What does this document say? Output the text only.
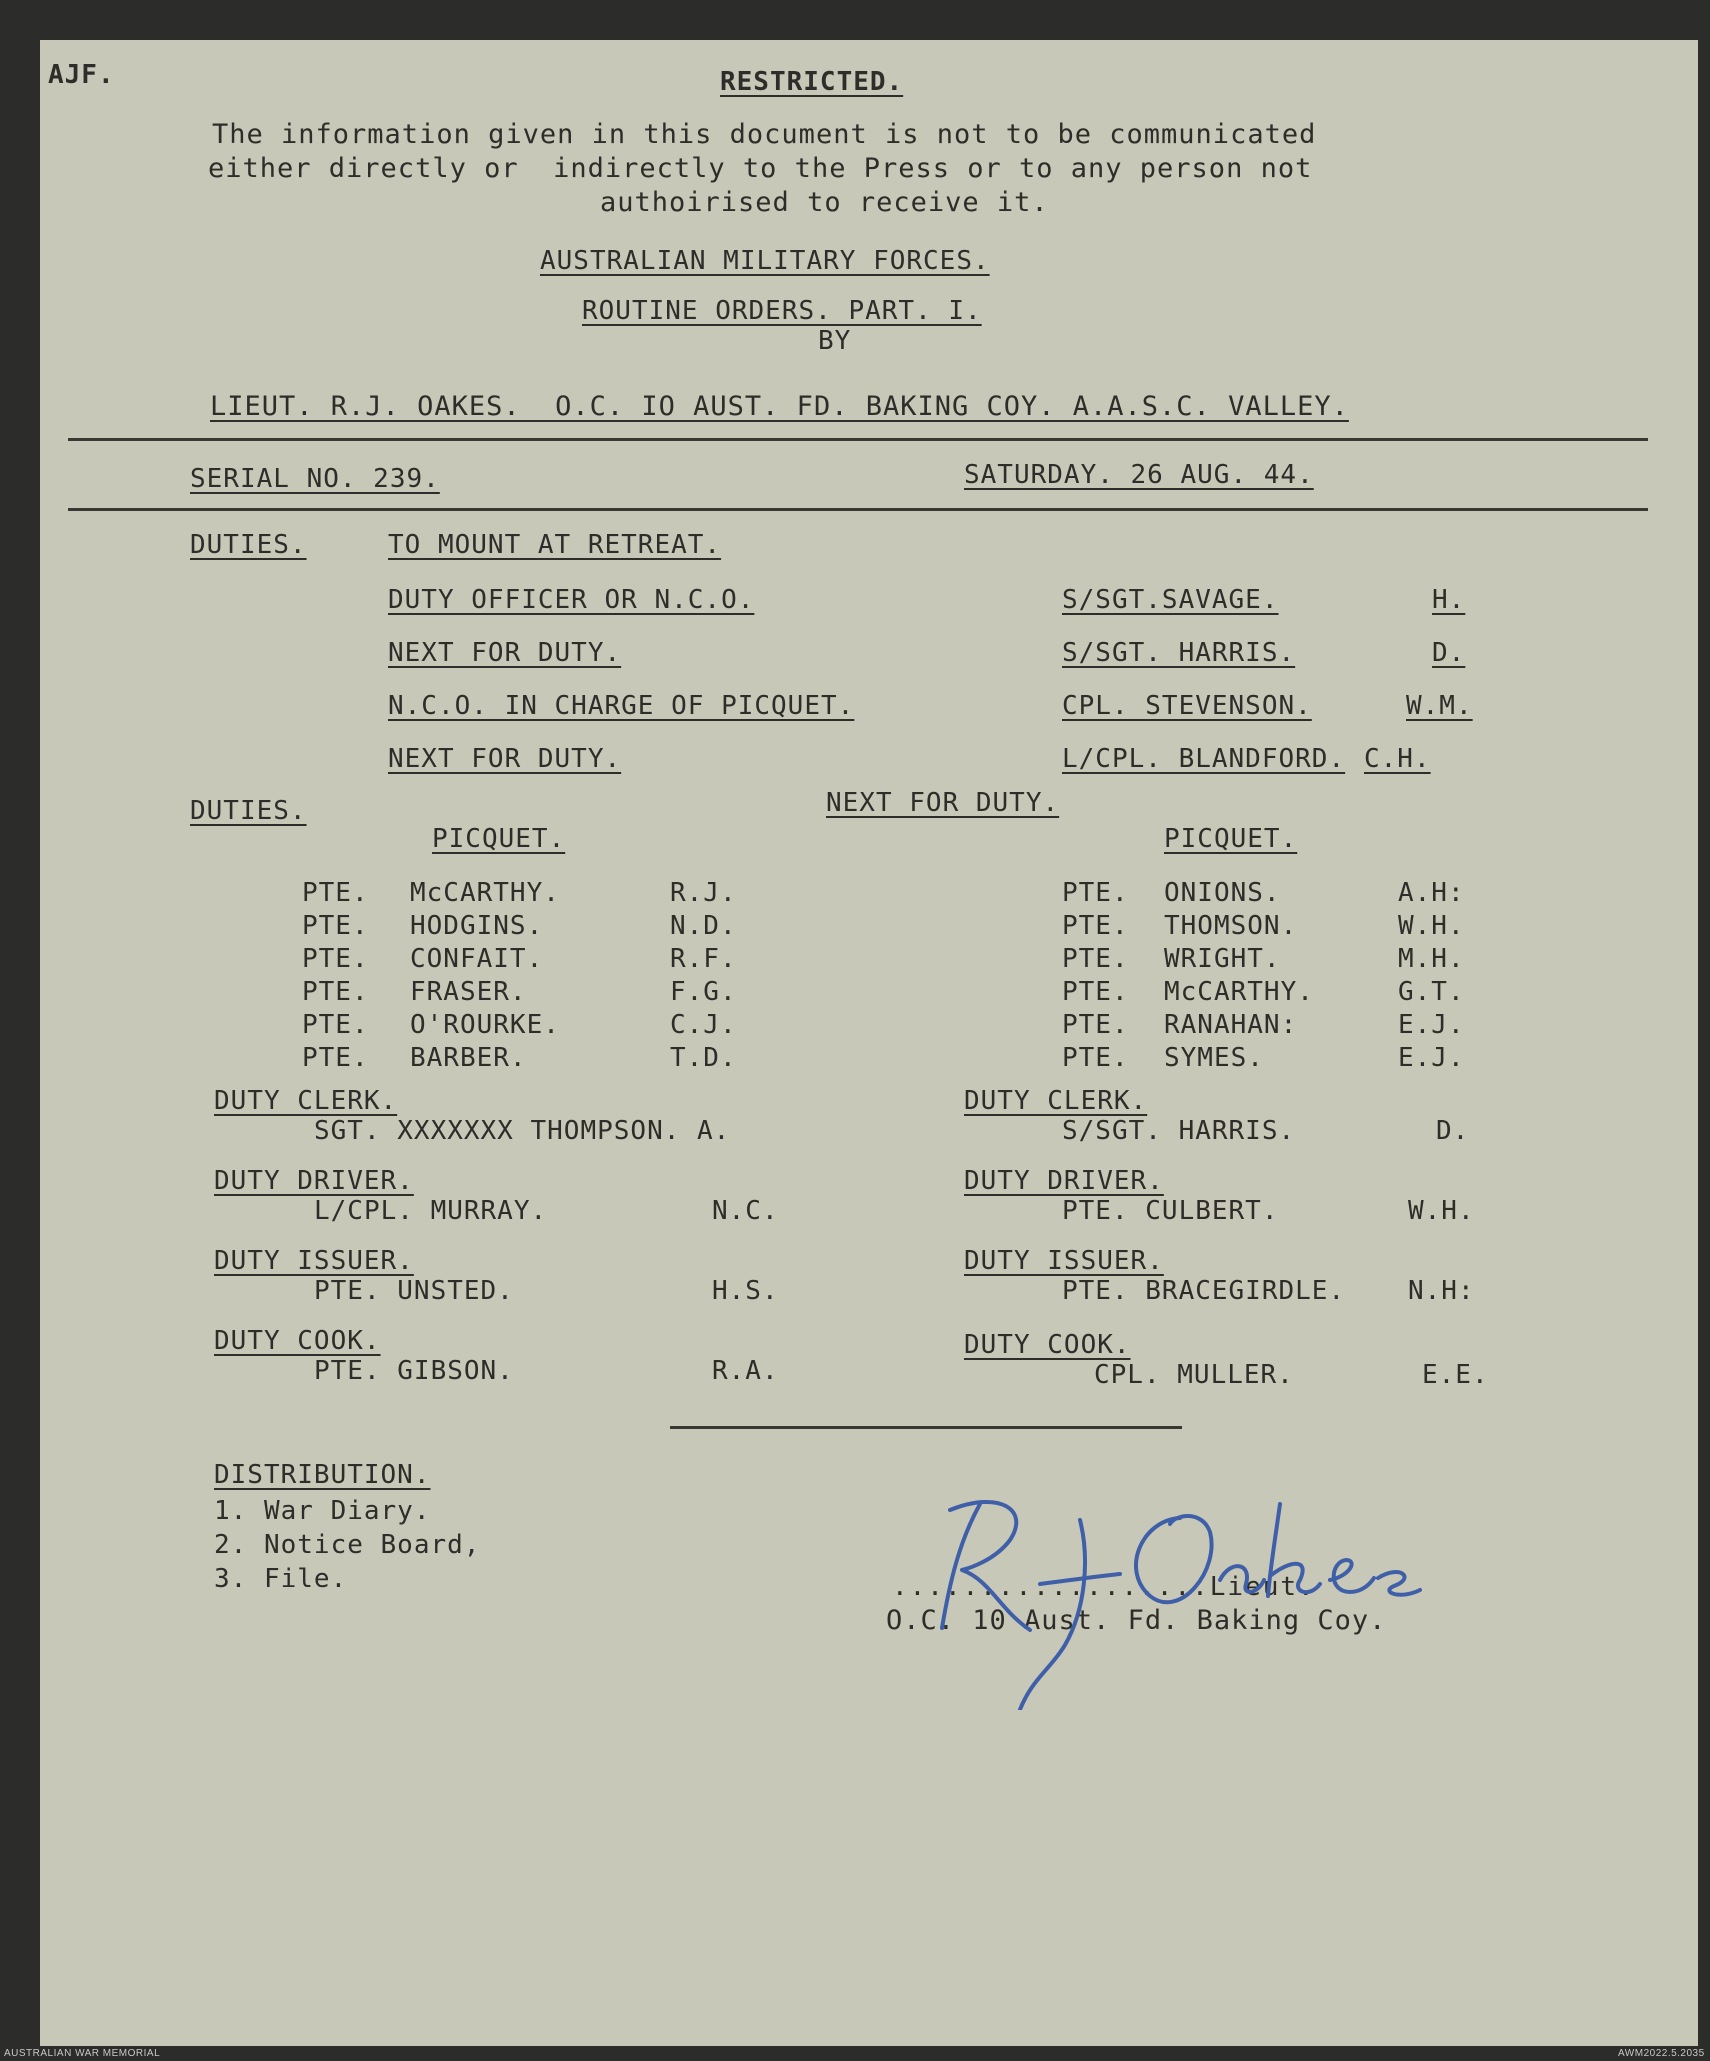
AJF.	RESTRICTED.
The information given in this document is not to be communicated
either directly or  indirectly to the Press or to any person not
authoirised to receive it.
AUSTRALIAN MILITARY FORCES.
ROUTINE ORDERS. PART. I.
BY
LIEUT. R.J. OAKES.  O.C. IO AUST. FD. BAKING COY. A.A.S.C. VALLEY.
SERIAL NO. 239.	SATURDAY. 26 AUG. 44.
DUTIES.	TO MOUNT AT RETREAT.
DUTY OFFICER OR N.C.O.	S/SGT.SAVAGE.	H.
NEXT FOR DUTY.	S/SGT. HARRIS.	D.
N.C.O. IN CHARGE OF PICQUET.	CPL. STEVENSON.	W.M.
NEXT FOR DUTY.	L/CPL. BLANDFORD. C.H.
DUTIES.	NEXT FOR DUTY.
PICQUET.	PICQUET.
PTE. McCARTHY.	R.J.
PTE. HODGINS.	N.D.
PTE. CONFAIT.	R.F.
PTE. FRASER.	F.G.
PTE. O'ROURKE.	C.J.
PTE. BARBER.	T.D.
PTE. ONIONS.	A.H:
PTE. THOMSON.	W.H.
PTE. WRIGHT.	M.H.
PTE. McCARTHY.	G.T.
PTE. RANAHAN:	E.J.
PTE. SYMES.	E.J.
DUTY CLERK.
SGT. XXXXXXX THOMPSON. A.
DUTY DRIVER.
L/CPL. MURRAY.	N.C.
DUTY ISSUER.
PTE. UNSTED.	H.S.
DUTY COOK.
PTE. GIBSON.	R.A.
DUTY CLERK.
S/SGT. HARRIS.	D.
DUTY DRIVER.
PTE. CULBERT.	W.H.
DUTY ISSUER.
PTE. BRACEGIRDLE. N.H:
DUTY COOK.
CPL. MULLER.	E.E.
DISTRIBUTION.
1. War Diary.
2. Notice Board,
3. File.	..................Lieut.
O.C. 10 Aust. Fd. Baking Coy.
AUSTRALIAN WAR MEMORIAL	AWM2022.5.2035
